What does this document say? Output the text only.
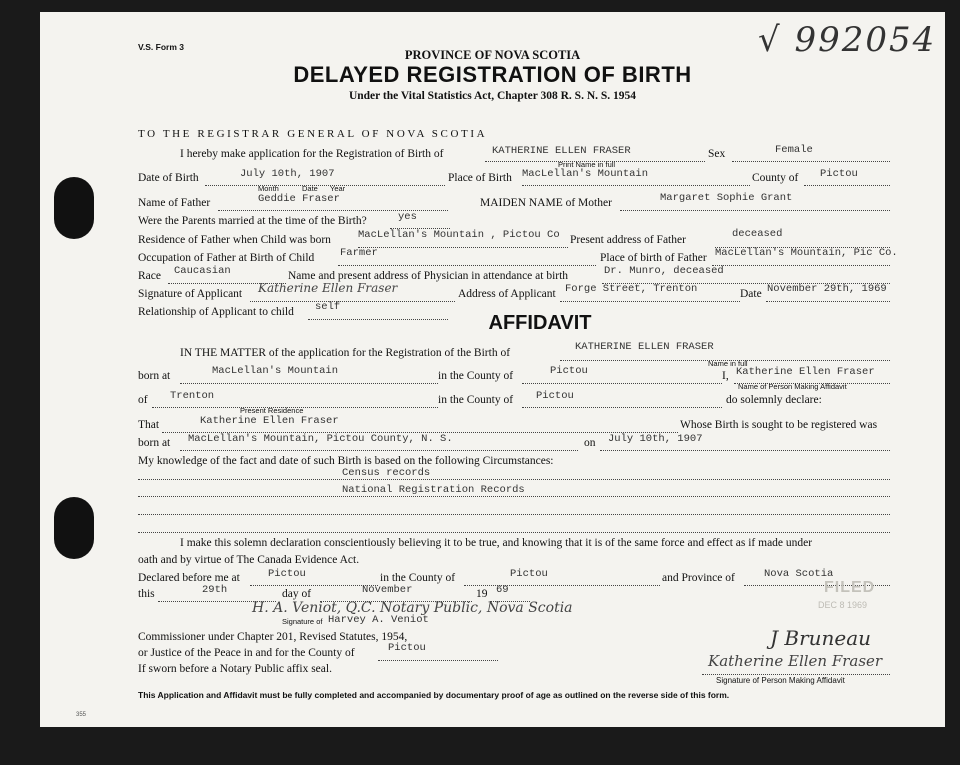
V.S. Form 3
PROVINCE OF NOVA SCOTIA
DELAYED REGISTRATION OF BIRTH
Under the Vital Statistics Act, Chapter 308 R. S. N. S. 1954
√ 992054
TO THE REGISTRAR GENERAL OF NOVA SCOTIA
I hereby make application for the Registration of Birth of	KATHERINE ELLEN FRASER	Sex	Female
Print Name in full
Date of Birth	July 10th, 1907	Place of Birth MacLellan's Mountain	County of Pictou
Month	Date Year
Name of Father	Geddie Fraser	MAIDEN NAME of Mother	Margaret Sophie Grant
Were the Parents married at the time of the Birth?	yes
Residence of Father when Child was born	MacLellan's Mountain , Pictou Co Present address of Father	deceased
Occupation of Father at Birth of Child Farmer	Place of birth of Father MacLellan's Mountain, Pic Co.
Race Caucasian	Name and present address of Physician in attendance at birth	Dr. Munro, deceased
Signature of Applicant Katherine Ellen Fraser	Address of Applicant Forge Street, Trenton	Date November 29th, 1969
Relationship of Applicant to child self
AFFIDAVIT
IN THE MATTER of the application for the Registration of the Birth of	KATHERINE ELLEN FRASER
Name in full
born at	MacLellan's Mountain	in the County of	Pictou	I, Katherine Ellen Fraser
Name of Person Making Affidavit
of Trenton	in the County of Pictou	do solemnly declare:
Present Residence
That	Katherine Ellen Fraser	Whose Birth is sought to be registered was
born at MacLellan's Mountain, Pictou County, N. S.	on July 10th, 1907
My knowledge of the fact and date of such Birth is based on the following Circumstances:
Census records
National Registration Records
I make this solemn declaration conscientiously believing it to be true, and knowing that it is of the same force and effect as if made under
oath and by virtue of The Canada Evidence Act.
Declared before me at	Pictou	in the County of	Pictou	and Province of	Nova Scotia
this	29th	day of	November	19 69
H. A. Veniot, Q.C. Notary Public, Nova Scotia
Signature of Harvey A. Veniot
Commissioner under Chapter 201, Revised Statutes, 1954,
or Justice of the Peace in and for the County of	Pictou
If sworn before a Notary Public affix seal.
FILED
DEC 8 1969
J Bruneau
Katherine Ellen Fraser
Signature of Person Making Affidavit
This Application and Affidavit must be fully completed and accompanied by documentary proof of age as outlined on the reverse side of this form.
355
